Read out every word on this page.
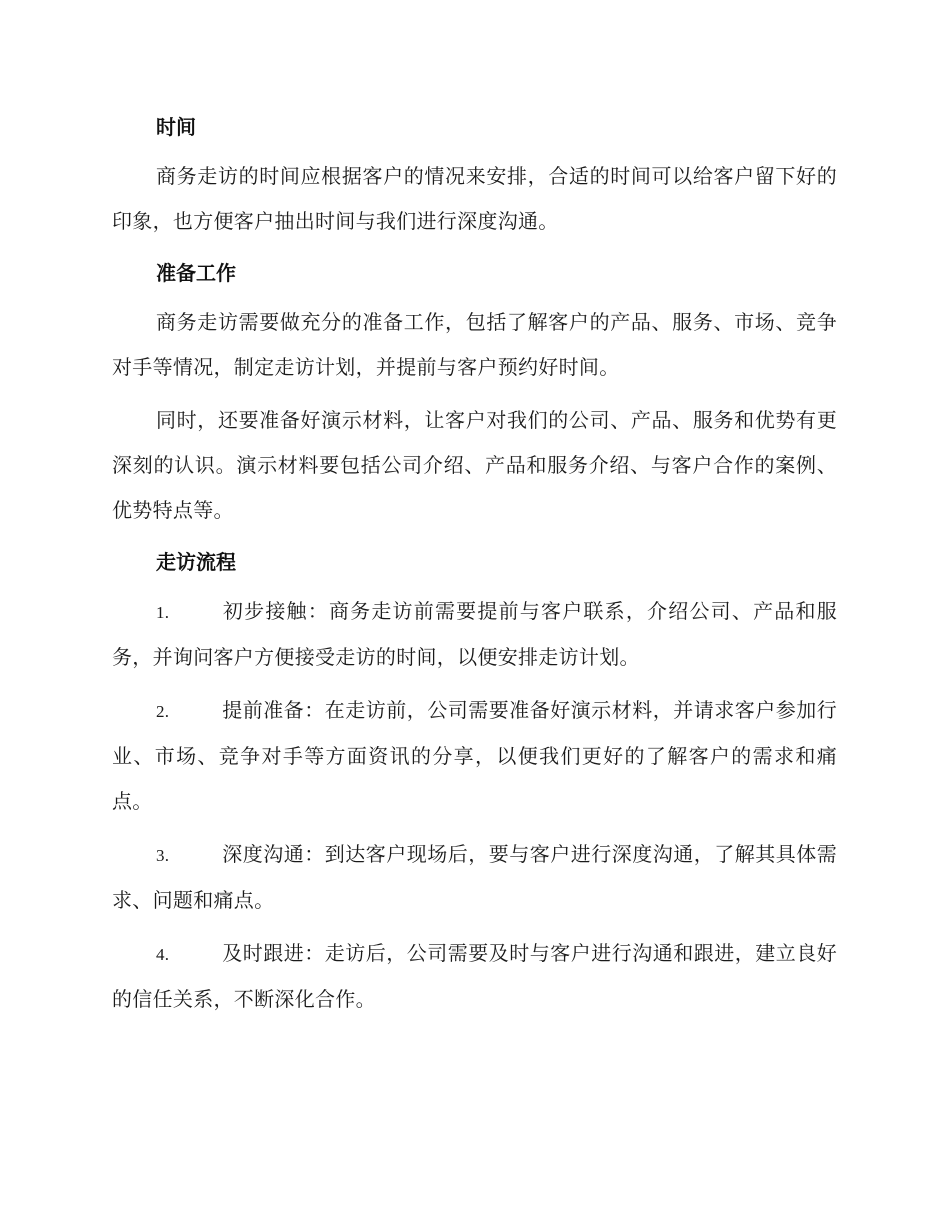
时间

商务走访的时间应根据客户的情况来安排，合适的时间可以给客户留下好的印象，也方便客户抽出时间与我们进行深度沟通。

准备工作

商务走访需要做充分的准备工作，包括了解客户的产品、服务、市场、竞争对手等情况，制定走访计划，并提前与客户预约好时间。

同时，还要准备好演示材料，让客户对我们的公司、产品、服务和优势有更深刻的认识。演示材料要包括公司介绍、产品和服务介绍、与客户合作的案例、优势特点等。

走访流程

1.	初步接触：商务走访前需要提前与客户联系，介绍公司、产品和服务，并询问客户方便接受走访的时间，以便安排走访计划。

2.	提前准备：在走访前，公司需要准备好演示材料，并请求客户参加行业、市场、竞争对手等方面资讯的分享，以便我们更好的了解客户的需求和痛点。

3.	深度沟通：到达客户现场后，要与客户进行深度沟通，了解其具体需求、问题和痛点。

4.	及时跟进：走访后，公司需要及时与客户进行沟通和跟进，建立良好的信任关系，不断深化合作。
